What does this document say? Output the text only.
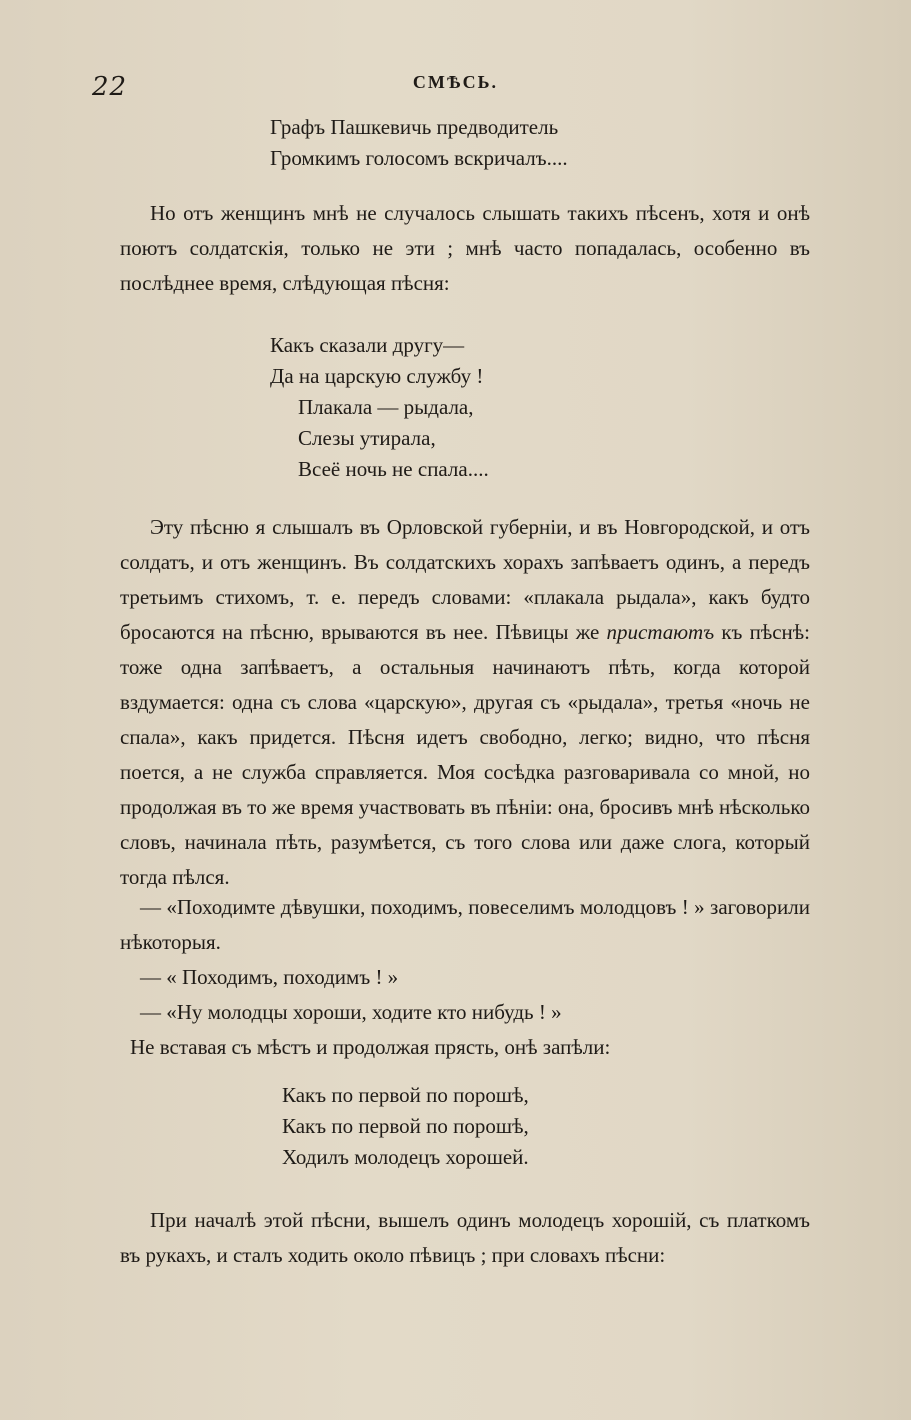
22	СМѢСЬ.
Графъ Пашкевичь предводитель
Громкимъ голосомъ вскричалъ....
Но отъ женщинъ мнѣ не случалось слышать такихъ пѣсенъ, хотя и онѣ поютъ солдатскія, только не эти ; мнѣ часто попадалась, особенно въ послѣднее время, слѣдующая пѣсня:
Какъ сказали другу—
Да на царскую службу !
Плакала — рыдала,
Слезы утирала,
Всеё ночь не спала....
Эту пѣсню я слышалъ въ Орловской губерніи, и въ Новгородской, и отъ солдатъ, и отъ женщинъ. Въ солдатскихъ хорахъ запѣваетъ одинъ, а передъ третьимъ стихомъ, т. е. передъ словами: «плакала рыдала», какъ будто бросаются на пѣсню, врываются въ нее. Пѣвицы же пристаютъ къ пѣснѣ: тоже одна запѣваетъ, а остальныя начинаютъ пѣть, когда которой вздумается: одна съ слова «царскую», другая съ «рыдала», третья «ночь не спала», какъ придется. Пѣсня идетъ свободно, легко; видно, что пѣсня поется, а не служба справляется. Моя сосѣдка разговаривала со мной, но продолжая въ то же время участвовать въ пѣніи: она, бросивъ мнѣ нѣсколько словъ, начинала пѣть, разумѣется, съ того слова или даже слога, который тогда пѣлся.
— «Походимте дѣвушки, походимъ, повеселимъ молодцовъ ! » заговорили нѣкоторыя.
— « Походимъ, походимъ ! »
— «Ну молодцы хороши, ходите кто нибудь ! »
Не вставая съ мѣстъ и продолжая прясть, онѣ запѣли:
Какъ по первой по порошѣ,
Какъ по первой по порошѣ,
Ходилъ молодецъ хорошей.
При началѣ этой пѣсни, вышелъ одинъ молодецъ хорошій, съ платкомъ въ рукахъ, и сталъ ходить около пѣвицъ ; при словахъ пѣсни:
